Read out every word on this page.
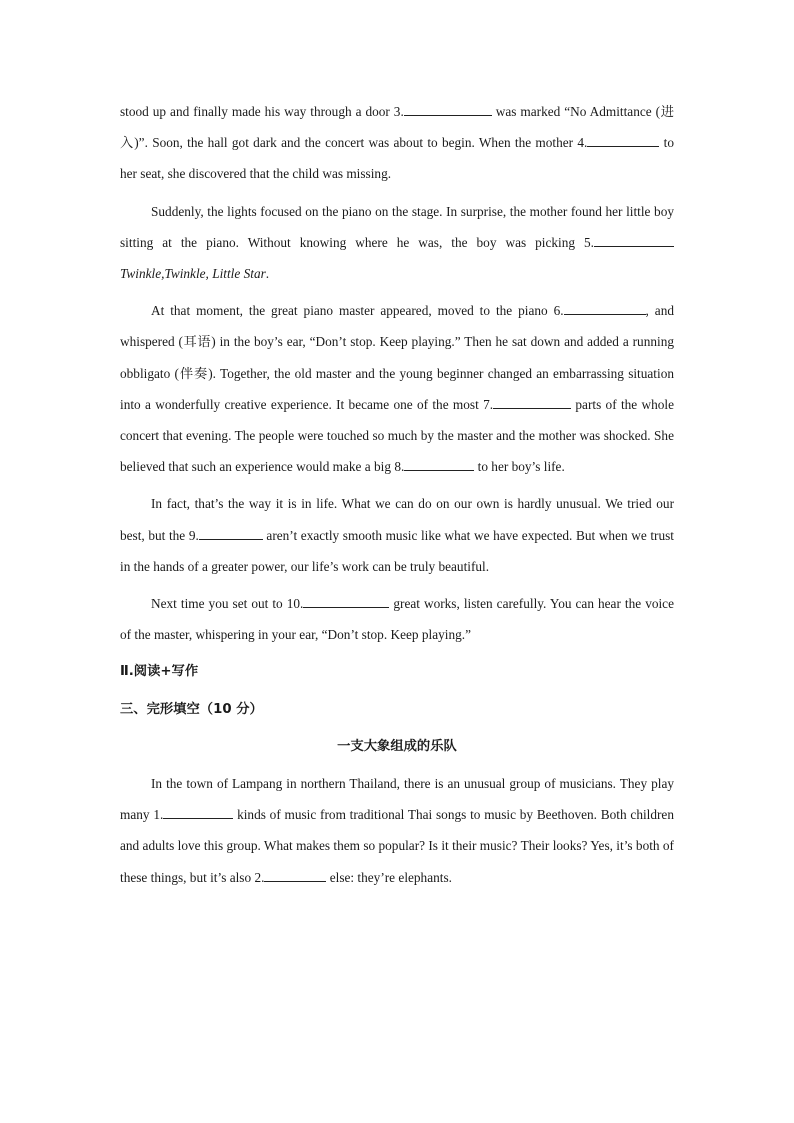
stood up and finally made his way through a door 3.	was marked “No Admittance (进入)”. Soon, the hall got dark and the concert was about to begin. When the mother 4.	to her seat, she discovered that the child was missing.

Suddenly, the lights focused on the piano on the stage. In surprise, the mother found her little boy sitting at the piano. Without knowing where he was, the boy was picking 5. Twinkle,Twinkle, Little Star.

At that moment, the great piano master appeared, moved to the piano 6.	, and whispered (耳语) in the boy’s ear, “Don’t stop. Keep playing.” Then he sat down and added a running obbligato (伴奏). Together, the old master and the young beginner changed an embarrassing situation into a wonderfully creative experience. It became one of the most 7.	parts of the whole concert that evening. The people were touched so much by the master and the mother was shocked. She believed that such an experience would make a big 8.	to her boy’s life.

In fact, that’s the way it is in life. What we can do on our own is hardly unusual. We tried our best, but the 9.	aren’t exactly smooth music like what we have expected. But when we trust in the hands of a greater power, our life’s work can be truly beautiful.

Next time you set out to 10.	great works, listen carefully. You can hear the voice of the master, whispering in your ear, “Don’t stop. Keep playing.”

Ⅱ.阅读+写作
三、完形填空（10 分）
一支大象组成的乐队

In the town of Lampang in northern Thailand, there is an unusual group of musicians. They play many 1.	kinds of music from traditional Thai songs to music by Beethoven. Both children and adults love this group. What makes them so popular? Is it their music? Their looks? Yes, it’s both of these things, but it’s also 2.	else: they’re elephants.
